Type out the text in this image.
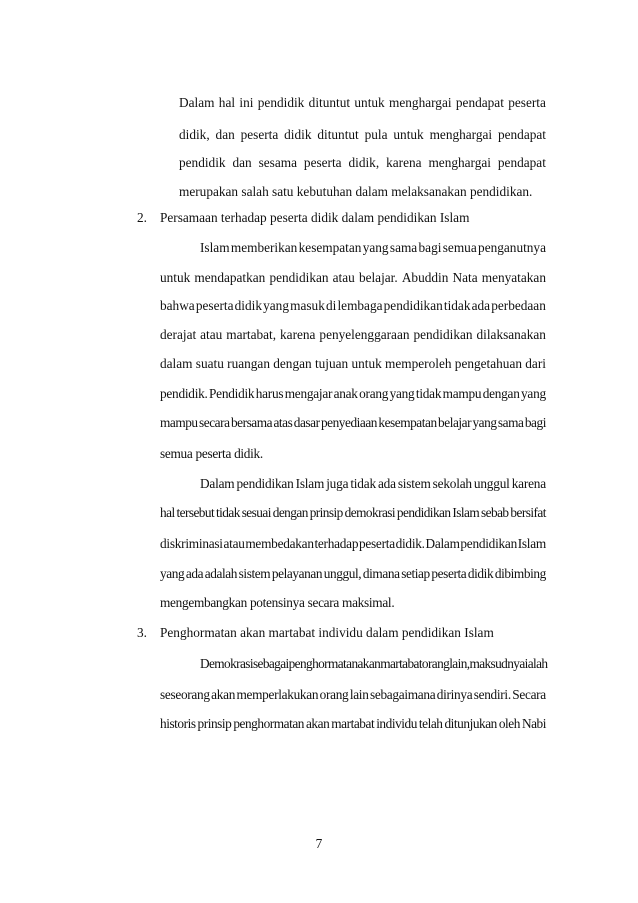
Dalam hal ini pendidik dituntut untuk menghargai pendapat peserta
didik, dan peserta didik dituntut pula untuk menghargai pendapat
pendidik dan sesama peserta didik, karena menghargai pendapat
merupakan salah satu kebutuhan dalam melaksanakan pendidikan.
2. Persamaan terhadap peserta didik dalam pendidikan Islam
Islam memberikan kesempatan yang sama bagi semua penganutnya
untuk mendapatkan pendidikan atau belajar. Abuddin Nata menyatakan
bahwa peserta didik yang masuk di lembaga pendidikan tidak ada perbedaan
derajat atau martabat, karena penyelenggaraan pendidikan dilaksanakan
dalam suatu ruangan dengan tujuan untuk memperoleh pengetahuan dari
pendidik. Pendidik harus mengajar anak orang yang tidak mampu dengan yang
mampu secara bersama atas dasar penyediaan kesempatan belajar yang sama bagi
semua peserta didik.
Dalam pendidikan Islam juga tidak ada sistem sekolah unggul karena
hal tersebut tidak sesuai dengan prinsip demokrasi pendidikan Islam sebab bersifat
diskriminasi atau membedakan terhadap peserta didik. Dalam pendidikan Islam
yang ada adalah sistem pelayanan unggul, dimana setiap peserta didik dibimbing
mengembangkan potensinya secara maksimal.
3. Penghormatan akan martabat individu dalam pendidikan Islam
Demokrasi sebagai penghormatan akan martabat orang lain, maksudnya ialah
seseorang akan memperlakukan orang lain sebagaimana dirinya sendiri. Secara
historis prinsip penghormatan akan martabat individu telah ditunjukan oleh Nabi
7
